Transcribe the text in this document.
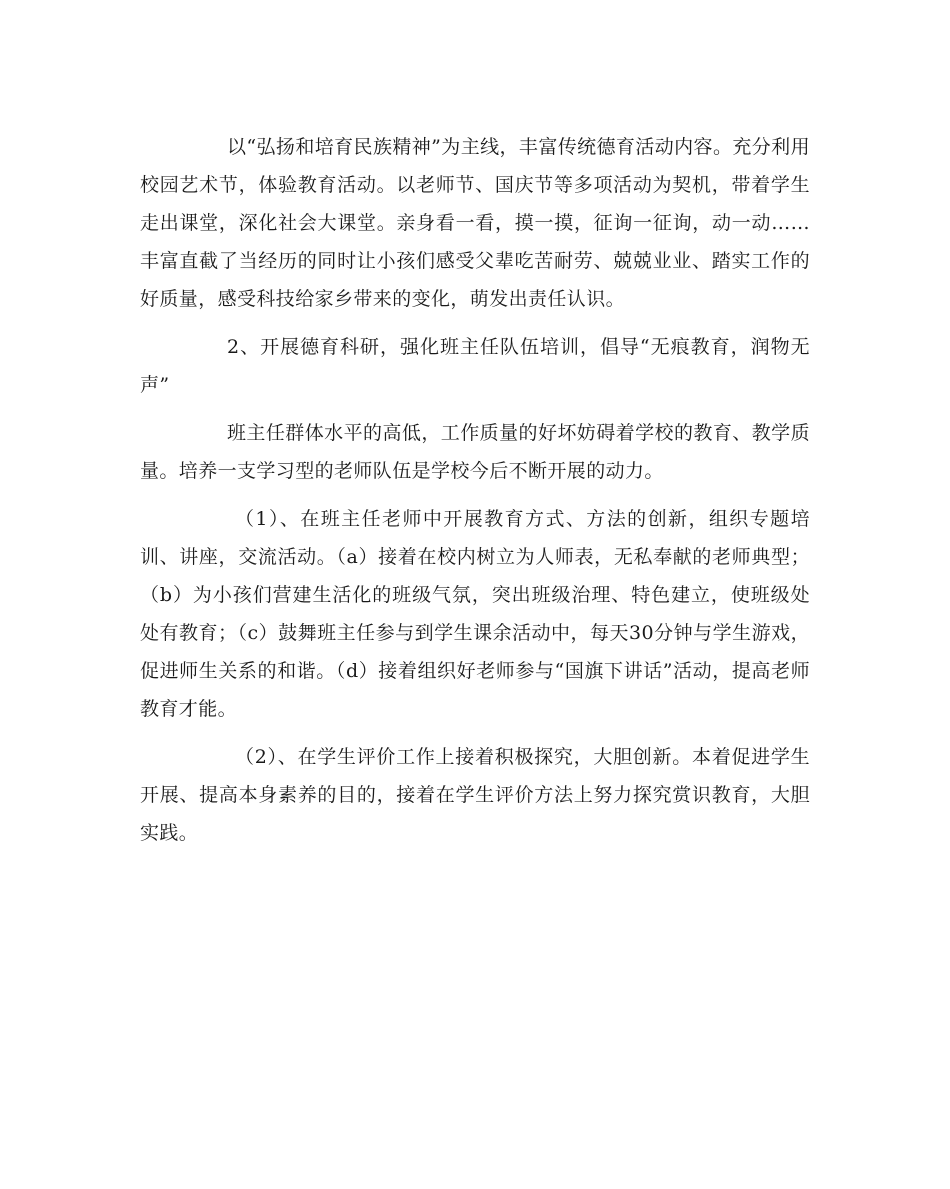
以“弘扬和培育民族精神”为主线，丰富传统德育活动内容。充分利用校园艺术节，体验教育活动。以老师节、国庆节等多项活动为契机，带着学生走出课堂，深化社会大课堂。亲身看一看，摸一摸，征询一征询，动一动……丰富直截了当经历的同时让小孩们感受父辈吃苦耐劳、兢兢业业、踏实工作的好质量，感受科技给家乡带来的变化，萌发出责任认识。

2、开展德育科研，强化班主任队伍培训，倡导“无痕教育，润物无声”

班主任群体水平的高低，工作质量的好坏妨碍着学校的教育、教学质量。培养一支学习型的老师队伍是学校今后不断开展的动力。

（1）、在班主任老师中开展教育方式、方法的创新，组织专题培训、讲座，交流活动。（a）接着在校内树立为人师表，无私奉献的老师典型；（b）为小孩们营建生活化的班级气氛，突出班级治理、特色建立，使班级处处有教育；（c）鼓舞班主任参与到学生课余活动中，每天30分钟与学生游戏，促进师生关系的和谐。（d）接着组织好老师参与“国旗下讲话”活动，提高老师教育才能。

（2）、在学生评价工作上接着积极探究，大胆创新。本着促进学生开展、提高本身素养的目的，接着在学生评价方法上努力探究赏识教育，大胆实践。
